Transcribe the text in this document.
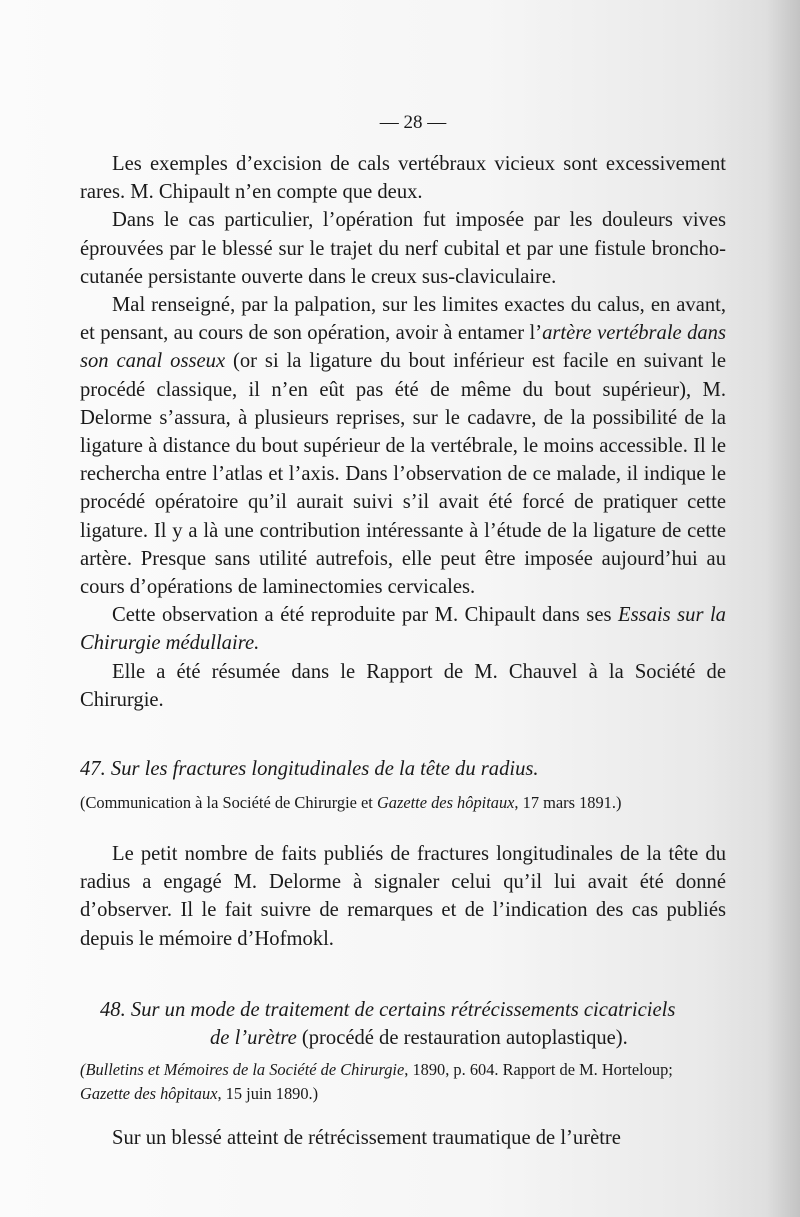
— 28 —

Les exemples d’excision de cals vertébraux vicieux sont excessivement rares. M. Chipault n’en compte que deux.

Dans le cas particulier, l’opération fut imposée par les douleurs vives éprouvées par le blessé sur le trajet du nerf cubital et par une fistule broncho-cutanée persistante ouverte dans le creux sus-claviculaire.

Mal renseigné, par la palpation, sur les limites exactes du calus, en avant, et pensant, au cours de son opération, avoir à entamer l’artère vertébrale dans son canal osseux (or si la ligature du bout inférieur est facile en suivant le procédé classique, il n’en eût pas été de même du bout supérieur), M. Delorme s’assura, à plusieurs reprises, sur le cadavre, de la possibilité de la ligature à distance du bout supérieur de la vertébrale, le moins accessible. Il le rechercha entre l’atlas et l’axis. Dans l’observation de ce malade, il indique le procédé opératoire qu’il aurait suivi s’il avait été forcé de pratiquer cette ligature. Il y a là une contribution intéressante à l’étude de la ligature de cette artère. Presque sans utilité autrefois, elle peut être imposée aujourd’hui au cours d’opérations de laminectomies cervicales.

Cette observation a été reproduite par M. Chipault dans ses Essais sur la Chirurgie médullaire.

Elle a été résumée dans le Rapport de M. Chauvel à la Société de Chirurgie.

47. Sur les fractures longitudinales de la tête du radius.
(Communication à la Société de Chirurgie et Gazette des hôpitaux, 17 mars 1891.)

Le petit nombre de faits publiés de fractures longitudinales de la tête du radius a engagé M. Delorme à signaler celui qu’il lui avait été donné d’observer. Il le fait suivre de remarques et de l’indication des cas publiés depuis le mémoire d’Hofmokl.

48. Sur un mode de traitement de certains rétrécissements cicatriciels
de l’urètre (procédé de restauration autoplastique).
(Bulletins et Mémoires de la Société de Chirurgie, 1890, p. 604. Rapport de M. Horteloup;
Gazette des hôpitaux, 15 juin 1890.)

Sur un blessé atteint de rétrécissement traumatique de l’urètre
